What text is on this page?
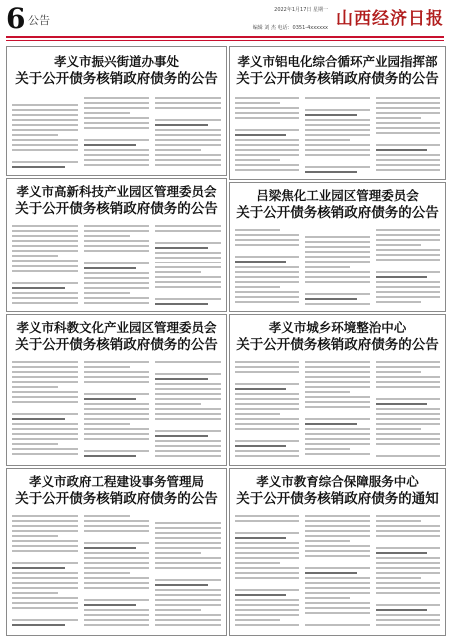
6 公告
2022年1月17日 星期一
编辑 刘 杰 电话：0351-4xxxxxx 山西经济日报
孝义市振兴街道办事处
关于公开债务核销政府债务的公告
孝义市铝电化综合循环产业园指挥部
关于公开债务核销政府债务的公告
孝义市高新科技产业园区管理委员会
关于公开债务核销政府债务的公告
吕梁焦化工业园区管理委员会
关于公开债务核销政府债务的公告
孝义市科教文化产业园区管理委员会
关于公开债务核销政府债务的公告
孝义市城乡环境整治中心
关于公开债务核销政府债务的公告
孝义市政府工程建设事务管理局
关于公开债务核销政府债务的公告
孝义市教育综合保障服务中心
关于公开债务核销政府债务的通知
